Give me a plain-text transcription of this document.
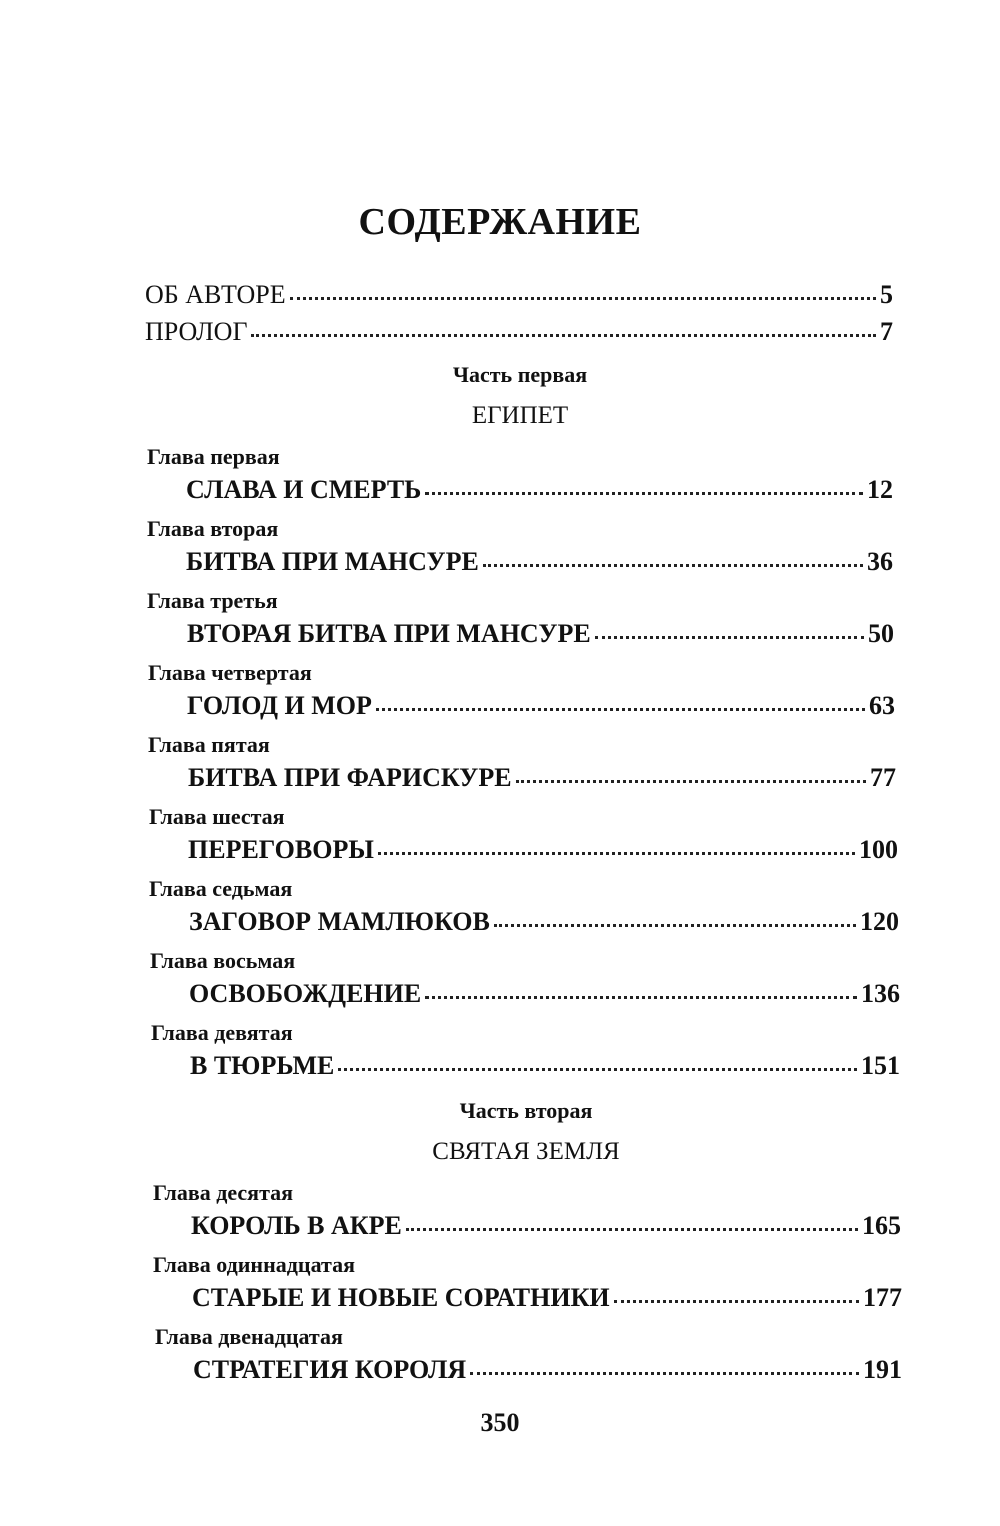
СОДЕРЖАНИЕ
ОБ АВТОРЕ	5
ПРОЛОГ	7
Часть первая
ЕГИПЕТ
Глава первая
СЛАВА И СМЕРТЬ	12
Глава вторая
БИТВА ПРИ МАНСУРЕ	36
Глава третья
ВТОРАЯ БИТВА ПРИ МАНСУРЕ	50
Глава четвертая
ГОЛОД И МОР	63
Глава пятая
БИТВА ПРИ ФАРИСКУРЕ	77
Глава шестая
ПЕРЕГОВОРЫ	100
Глава седьмая
ЗАГОВОР МАМЛЮКОВ	120
Глава восьмая
ОСВОБОЖДЕНИЕ	136
Глава девятая
В ТЮРЬМЕ	151
Часть вторая
СВЯТАЯ ЗЕМЛЯ
Глава десятая
КОРОЛЬ В АКРЕ	165
Глава одиннадцатая
СТАРЫЕ И НОВЫЕ СОРАТНИКИ	177
Глава двенадцатая
СТРАТЕГИЯ КОРОЛЯ	191
350
